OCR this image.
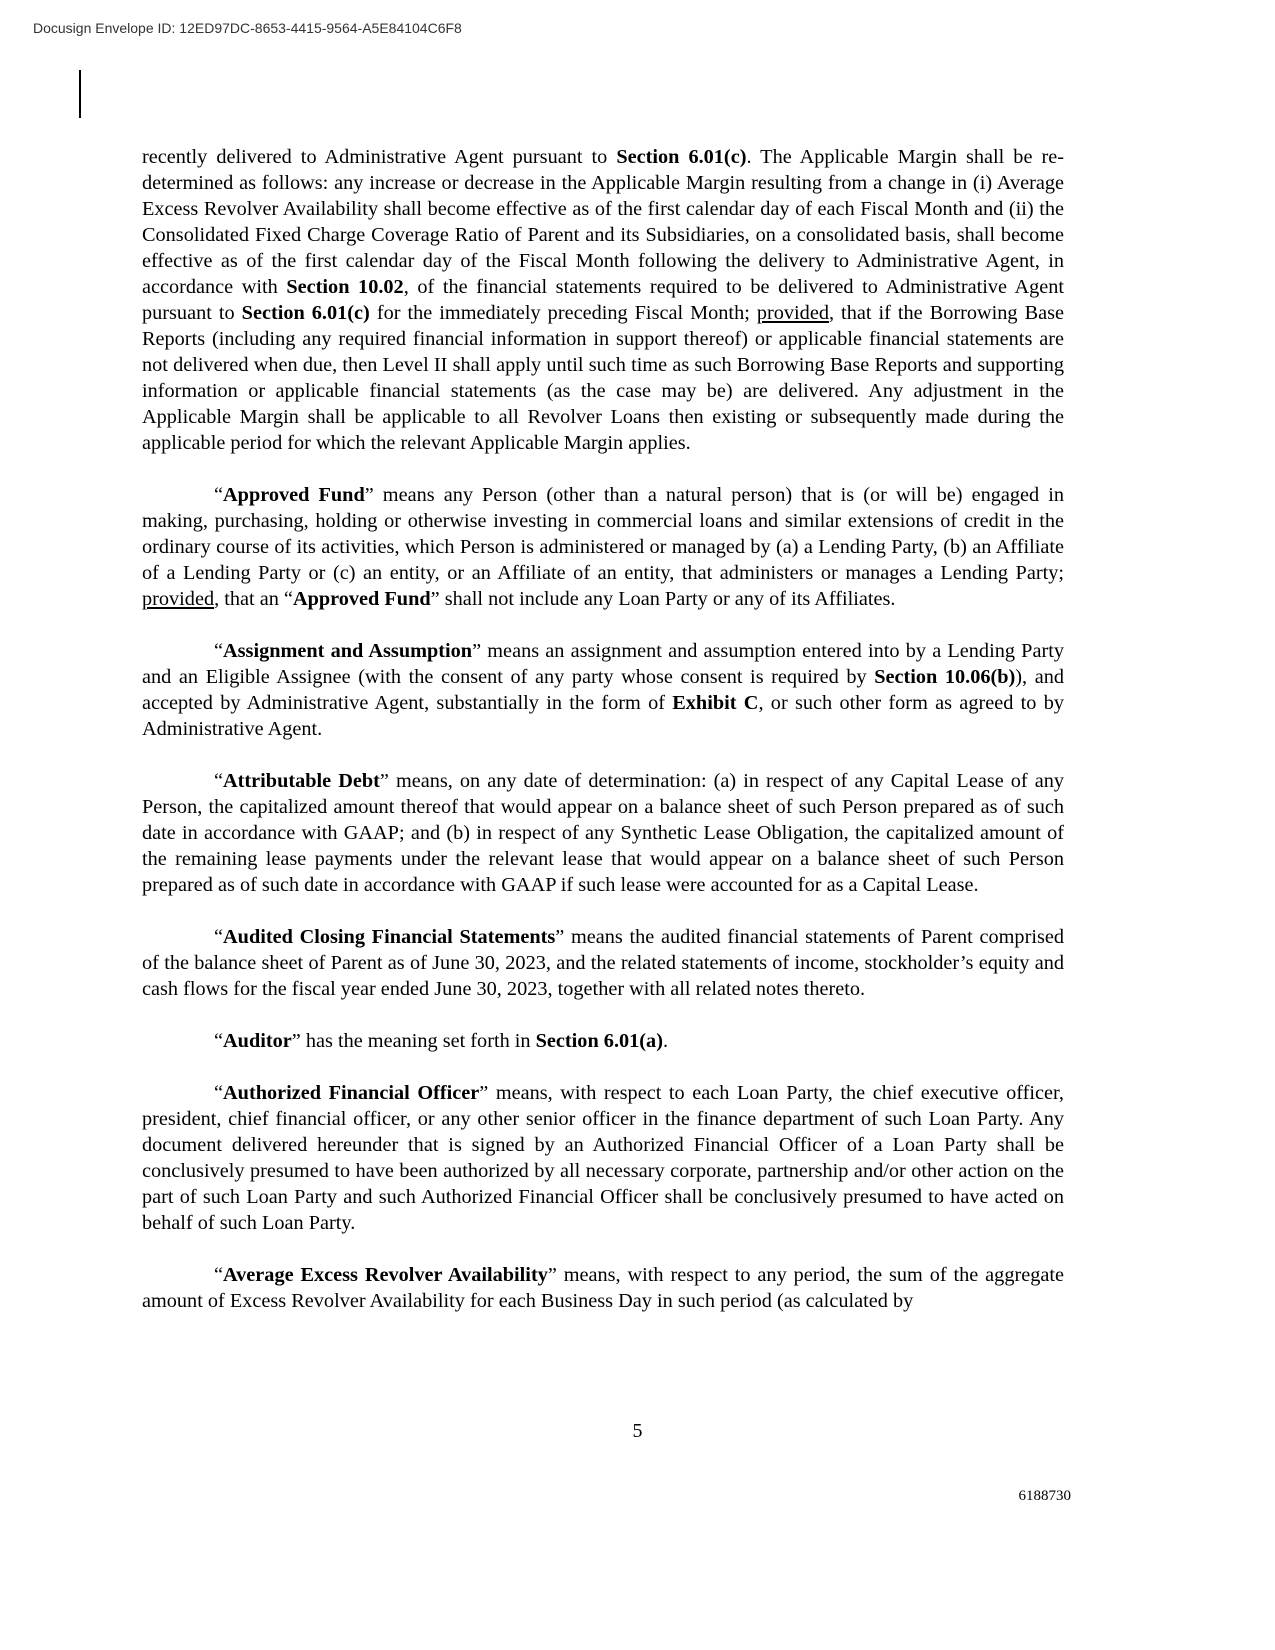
Docusign Envelope ID: 12ED97DC-8653-4415-9564-A5E84104C6F8

recently delivered to Administrative Agent pursuant to Section 6.01(c). The Applicable Margin shall be re-determined as follows: any increase or decrease in the Applicable Margin resulting from a change in (i) Average Excess Revolver Availability shall become effective as of the first calendar day of each Fiscal Month and (ii) the Consolidated Fixed Charge Coverage Ratio of Parent and its Subsidiaries, on a consolidated basis, shall become effective as of the first calendar day of the Fiscal Month following the delivery to Administrative Agent, in accordance with Section 10.02, of the financial statements required to be delivered to Administrative Agent pursuant to Section 6.01(c) for the immediately preceding Fiscal Month; provided, that if the Borrowing Base Reports (including any required financial information in support thereof) or applicable financial statements are not delivered when due, then Level II shall apply until such time as such Borrowing Base Reports and supporting information or applicable financial statements (as the case may be) are delivered. Any adjustment in the Applicable Margin shall be applicable to all Revolver Loans then existing or subsequently made during the applicable period for which the relevant Applicable Margin applies.

“Approved Fund” means any Person (other than a natural person) that is (or will be) engaged in making, purchasing, holding or otherwise investing in commercial loans and similar extensions of credit in the ordinary course of its activities, which Person is administered or managed by (a) a Lending Party, (b) an Affiliate of a Lending Party or (c) an entity, or an Affiliate of an entity, that administers or manages a Lending Party; provided, that an “Approved Fund” shall not include any Loan Party or any of its Affiliates.

“Assignment and Assumption” means an assignment and assumption entered into by a Lending Party and an Eligible Assignee (with the consent of any party whose consent is required by Section 10.06(b)), and accepted by Administrative Agent, substantially in the form of Exhibit C, or such other form as agreed to by Administrative Agent.

“Attributable Debt” means, on any date of determination: (a) in respect of any Capital Lease of any Person, the capitalized amount thereof that would appear on a balance sheet of such Person prepared as of such date in accordance with GAAP; and (b) in respect of any Synthetic Lease Obligation, the capitalized amount of the remaining lease payments under the relevant lease that would appear on a balance sheet of such Person prepared as of such date in accordance with GAAP if such lease were accounted for as a Capital Lease.

“Audited Closing Financial Statements” means the audited financial statements of Parent comprised of the balance sheet of Parent as of June 30, 2023, and the related statements of income, stockholder’s equity and cash flows for the fiscal year ended June 30, 2023, together with all related notes thereto.

“Auditor” has the meaning set forth in Section 6.01(a).

“Authorized Financial Officer” means, with respect to each Loan Party, the chief executive officer, president, chief financial officer, or any other senior officer in the finance department of such Loan Party. Any document delivered hereunder that is signed by an Authorized Financial Officer of a Loan Party shall be conclusively presumed to have been authorized by all necessary corporate, partnership and/or other action on the part of such Loan Party and such Authorized Financial Officer shall be conclusively presumed to have acted on behalf of such Loan Party.

“Average Excess Revolver Availability” means, with respect to any period, the sum of the aggregate amount of Excess Revolver Availability for each Business Day in such period (as calculated by

5
6188730
